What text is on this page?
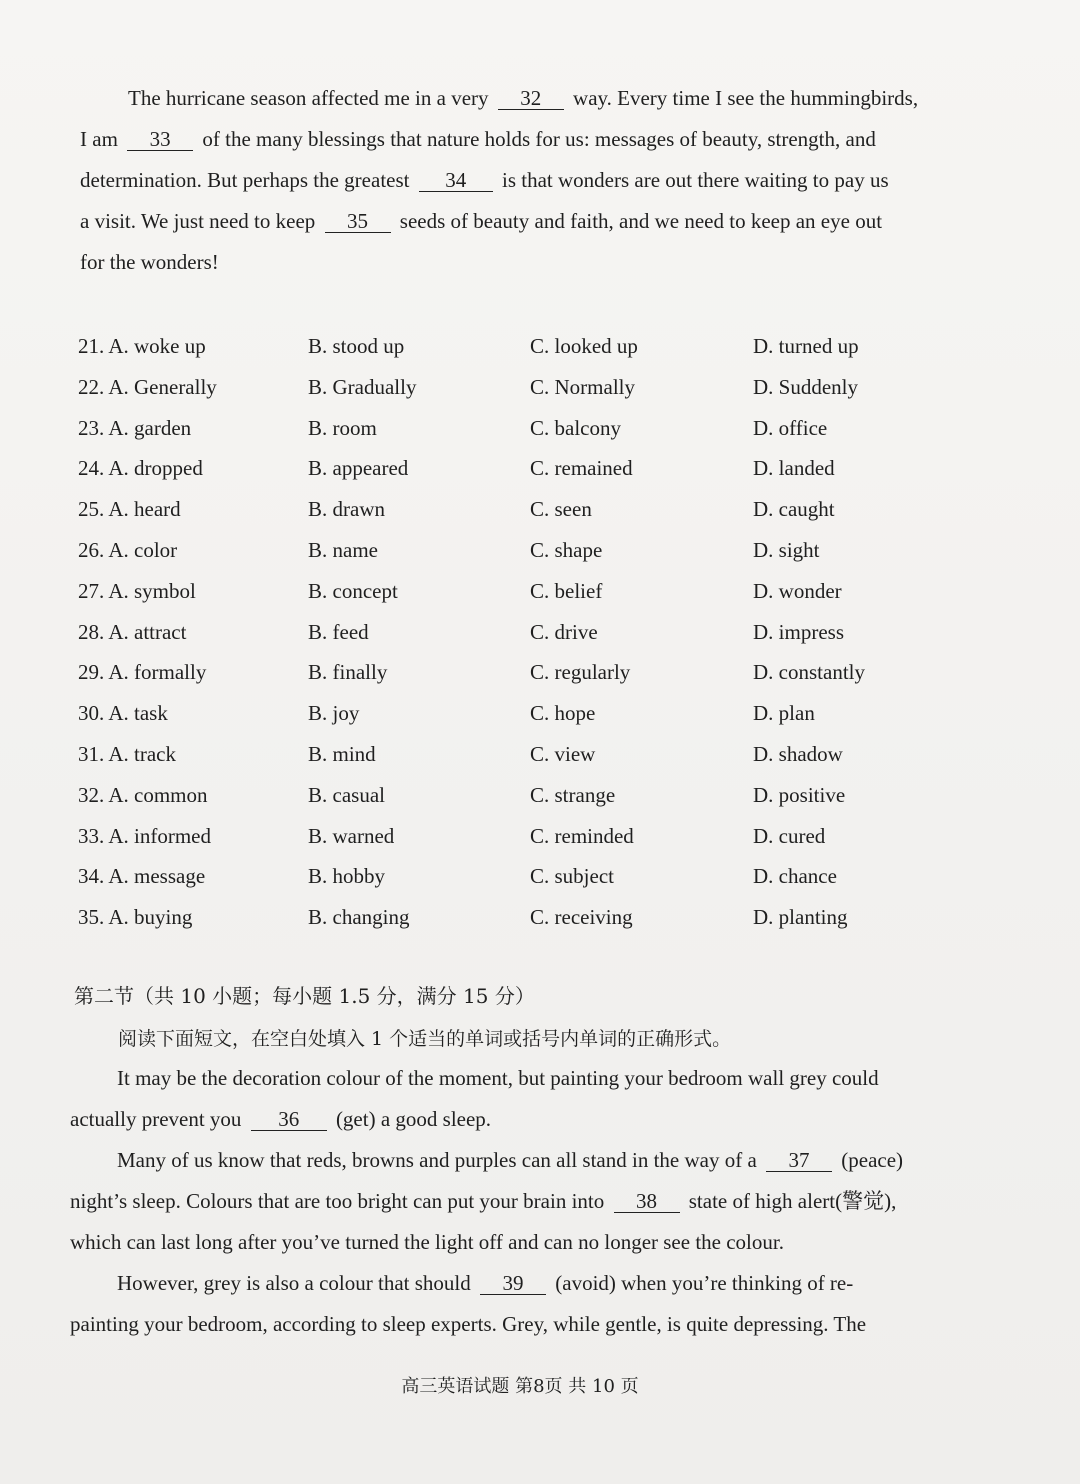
The hurricane season affected me in a very 32 way. Every time I see the hummingbirds,
I am 33 of the many blessings that nature holds for us: messages of beauty, strength, and
determination. But perhaps the greatest 34 is that wonders are out there waiting to pay us
a visit. We just need to keep 35 seeds of beauty and faith, and we need to keep an eye out
for the wonders!
21. A. woke up	B. stood up	C. looked up	D. turned up
22. A. Generally	B. Gradually	C. Normally	D. Suddenly
23. A. garden	B. room	C. balcony	D. office
24. A. dropped	B. appeared	C. remained	D. landed
25. A. heard	B. drawn	C. seen	D. caught
26. A. color	B. name	C. shape	D. sight
27. A. symbol	B. concept	C. belief	D. wonder
28. A. attract	B. feed	C. drive	D. impress
29. A. formally	B. finally	C. regularly	D. constantly
30. A. task	B. joy	C. hope	D. plan
31. A. track	B. mind	C. view	D. shadow
32. A. common	B. casual	C. strange	D. positive
33. A. informed	B. warned	C. reminded	D. cured
34. A. message	B. hobby	C. subject	D. chance
35. A. buying	B. changing	C. receiving	D. planting
第二节（共 10 小题；每小题 1.5 分，满分 15 分）
阅读下面短文，在空白处填入 1 个适当的单词或括号内单词的正确形式。
It may be the decoration colour of the moment, but painting your bedroom wall grey could
actually prevent you 36 (get) a good sleep.
Many of us know that reds, browns and purples can all stand in the way of a 37 (peace)
night’s sleep. Colours that are too bright can put your brain into 38 state of high alert(警觉),
which can last long after you’ve turned the light off and can no longer see the colour.
However, grey is also a colour that should 39 (avoid) when you’re thinking of re-
painting your bedroom, according to sleep experts. Grey, while gentle, is quite depressing. The
高三英语试题 第8页 共 10 页
